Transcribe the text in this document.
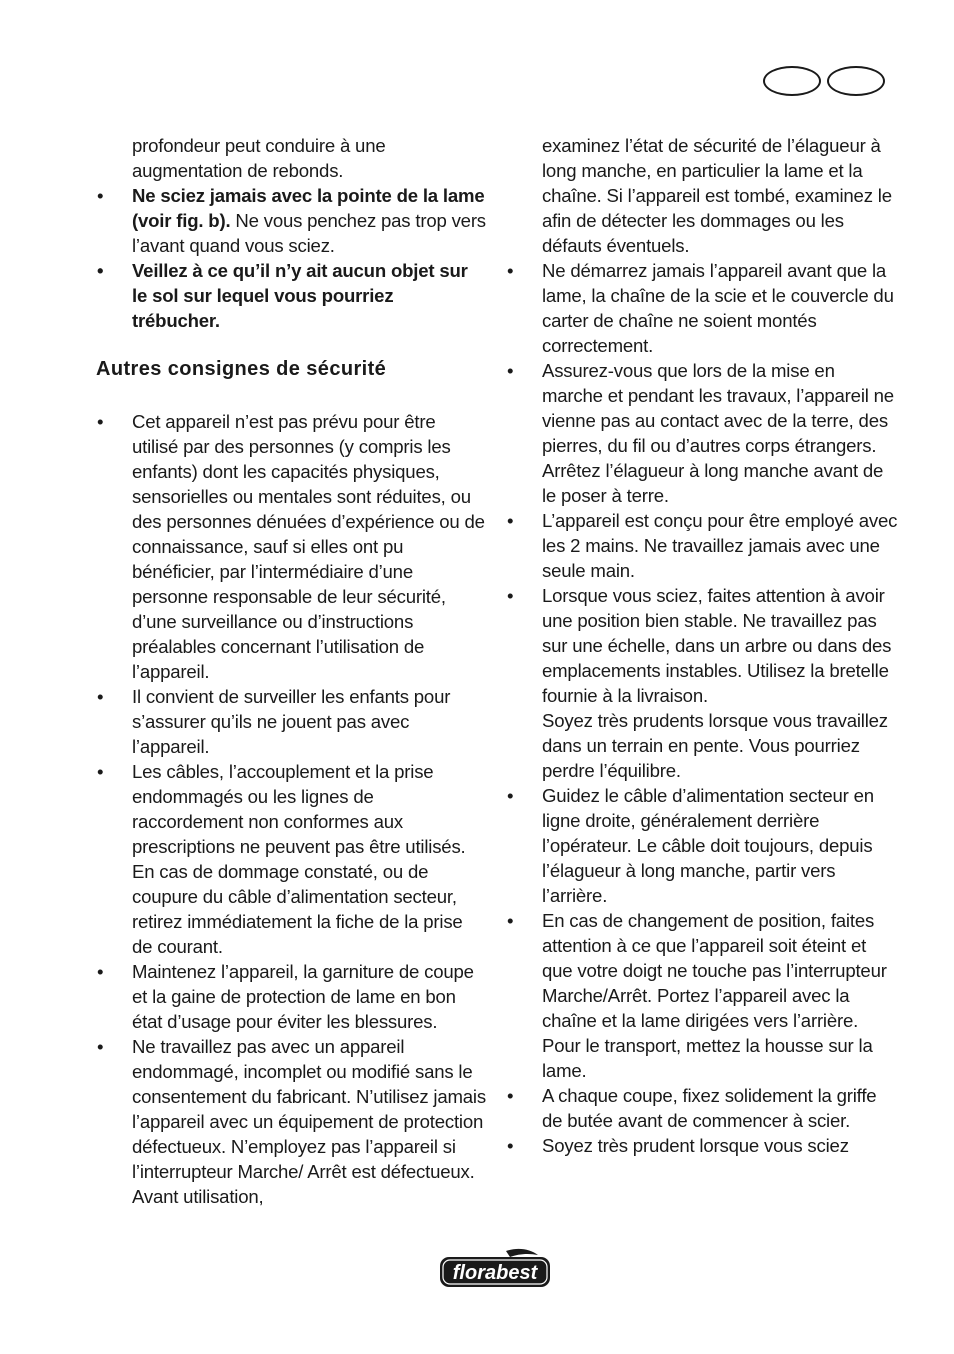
profondeur peut conduire à une augmentation de rebonds.
• Ne sciez jamais avec la pointe de la lame (voir fig. b). Ne vous penchez pas trop vers l’avant quand vous sciez.
• Veillez à ce qu’il n’y ait aucun objet sur le sol sur lequel vous pourriez trébucher.
Autres consignes de sécurité
• Cet appareil n’est pas prévu pour être utilisé par des personnes (y compris les enfants) dont les capacités physiques, sensorielles ou mentales sont réduites, ou des personnes dénuées d’expérience ou de connaissance, sauf si elles ont pu bénéficier, par l’intermédiaire d’une personne responsable de leur sécurité, d’une surveillance ou d’instructions préalables concernant l’utilisation de l’appareil.
• Il convient de surveiller les enfants pour s’assurer qu’ils ne jouent pas avec l’appareil.
• Les câbles, l’accouplement et la prise endommagés ou les lignes de raccordement non conformes aux prescriptions ne peuvent pas être utilisés. En cas de dommage constaté, ou de coupure du câble d’alimentation secteur, retirez immédiatement la fiche de la prise de courant.
• Maintenez l’appareil, la garniture de coupe et la gaine de protection de lame en bon état d’usage pour éviter les blessures.
• Ne travaillez pas avec un appareil endommagé, incomplet ou modifié sans le consentement du fabricant. N’utilisez jamais l’appareil avec un équipement de protection défectueux. N’employez pas l’appareil si l’interrupteur Marche/ Arrêt est défectueux. Avant utilisation,
examinez l’état de sécurité de l’élagueur à long manche, en particulier la lame et la chaîne. Si l’appareil est tombé, examinez le afin de détecter les dommages ou les défauts éventuels.
• Ne démarrez jamais l’appareil avant que la lame, la chaîne de la scie et le couvercle du carter de chaîne ne soient montés correctement.
• Assurez-vous que lors de la mise en marche et pendant les travaux, l’appareil ne vienne pas au contact avec de la terre, des pierres, du fil ou d’autres corps étrangers. Arrêtez l’élagueur à long manche avant de le poser à terre.
• L’appareil est conçu pour être employé avec les 2 mains. Ne travaillez jamais avec une seule main.
• Lorsque vous sciez, faites attention à avoir une position bien stable. Ne travaillez pas sur une échelle, dans un arbre ou dans des emplacements instables. Utilisez la bretelle fournie à la livraison.
Soyez très prudents lorsque vous travaillez dans un terrain en pente. Vous pourriez perdre l’équilibre.
• Guidez le câble d’alimentation secteur en ligne droite, généralement derrière l’opérateur. Le câble doit toujours, depuis l’élagueur à long manche, partir vers l’arrière.
• En cas de changement de position, faites attention à ce que l’appareil soit éteint et que votre doigt ne touche pas l’interrupteur Marche/Arrêt. Portez l’appareil avec la chaîne et la lame dirigées vers l’arrière. Pour le transport, mettez la housse sur la lame.
• A chaque coupe, fixez solidement la griffe de butée avant de commencer à scier.
• Soyez très prudent lorsque vous sciez
florabest
